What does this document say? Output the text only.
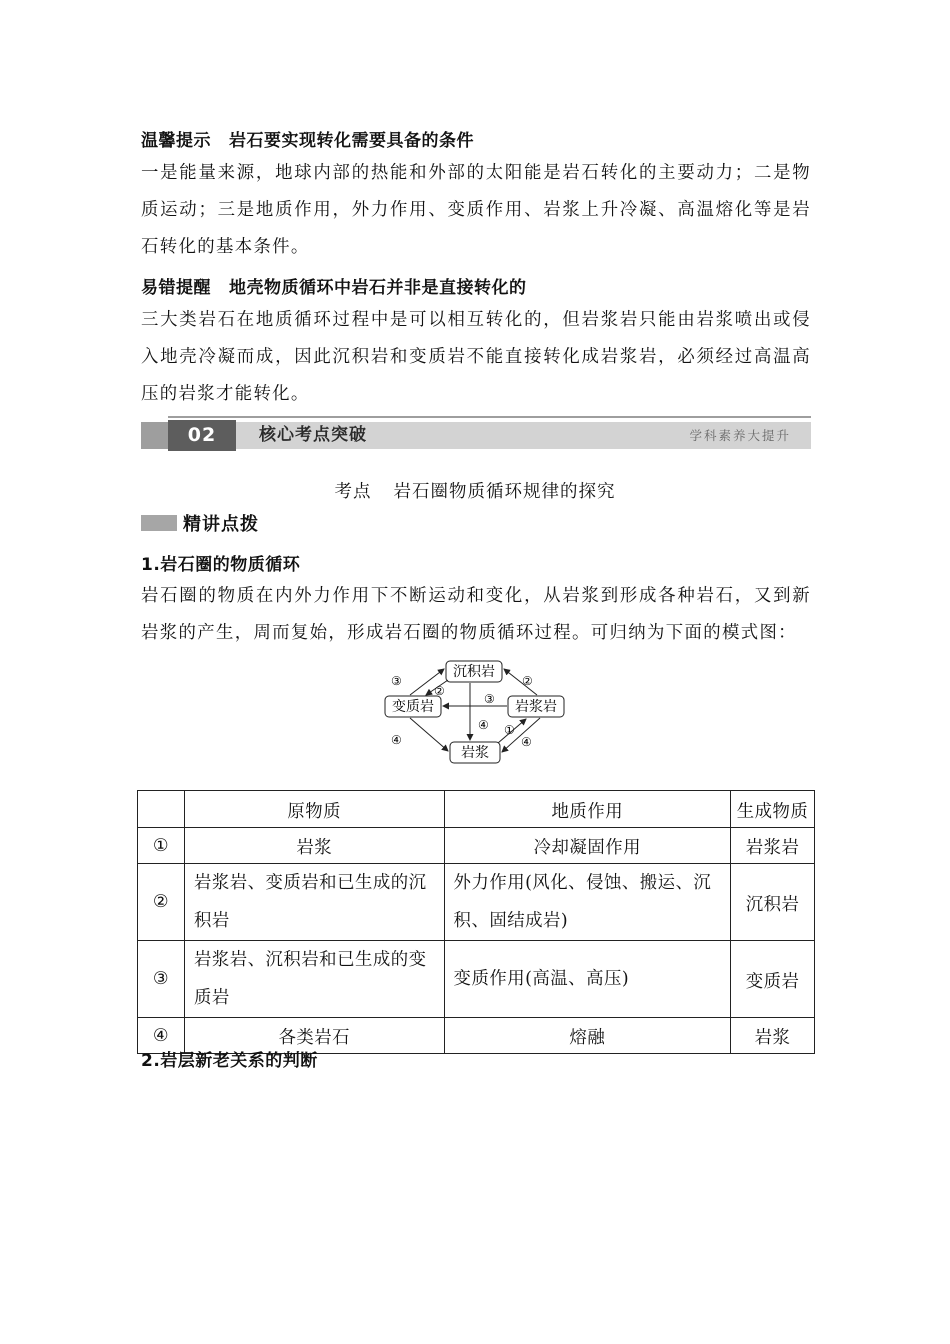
温馨提示 岩石要实现转化需要具备的条件
一是能量来源，地球内部的热能和外部的太阳能是岩石转化的主要动力；二是物质运动；三是地质作用，外力作用、变质作用、岩浆上升冷凝、高温熔化等是岩石转化的基本条件。
易错提醒 地壳物质循环中岩石并非是直接转化的
三大类岩石在地质循环过程中是可以相互转化的，但岩浆岩只能由岩浆喷出或侵入地壳冷凝而成，因此沉积岩和变质岩不能直接转化成岩浆岩，必须经过高温高压的岩浆才能转化。
02	核心考点突破	学科素养大提升
考点 岩石圈物质循环规律的探究
精讲点拨
1.岩石圈的物质循环
岩石圈的物质在内外力作用下不断运动和变化，从岩浆到形成各种岩石，又到新岩浆的产生，周而复始，形成岩石圈的物质循环过程。可归纳为下面的模式图：
沉积岩
变质岩	岩浆岩
岩浆
③
②
②
③
④
④
①
④
	原物质	地质作用	生成物质
①	岩浆	冷却凝固作用	岩浆岩
②	岩浆岩、变质岩和已生成的沉积岩	外力作用(风化、侵蚀、搬运、沉积、固结成岩)	沉积岩
③	岩浆岩、沉积岩和已生成的变质岩	变质作用(高温、高压)	变质岩
④	各类岩石	熔融	岩浆
2.岩层新老关系的判断
